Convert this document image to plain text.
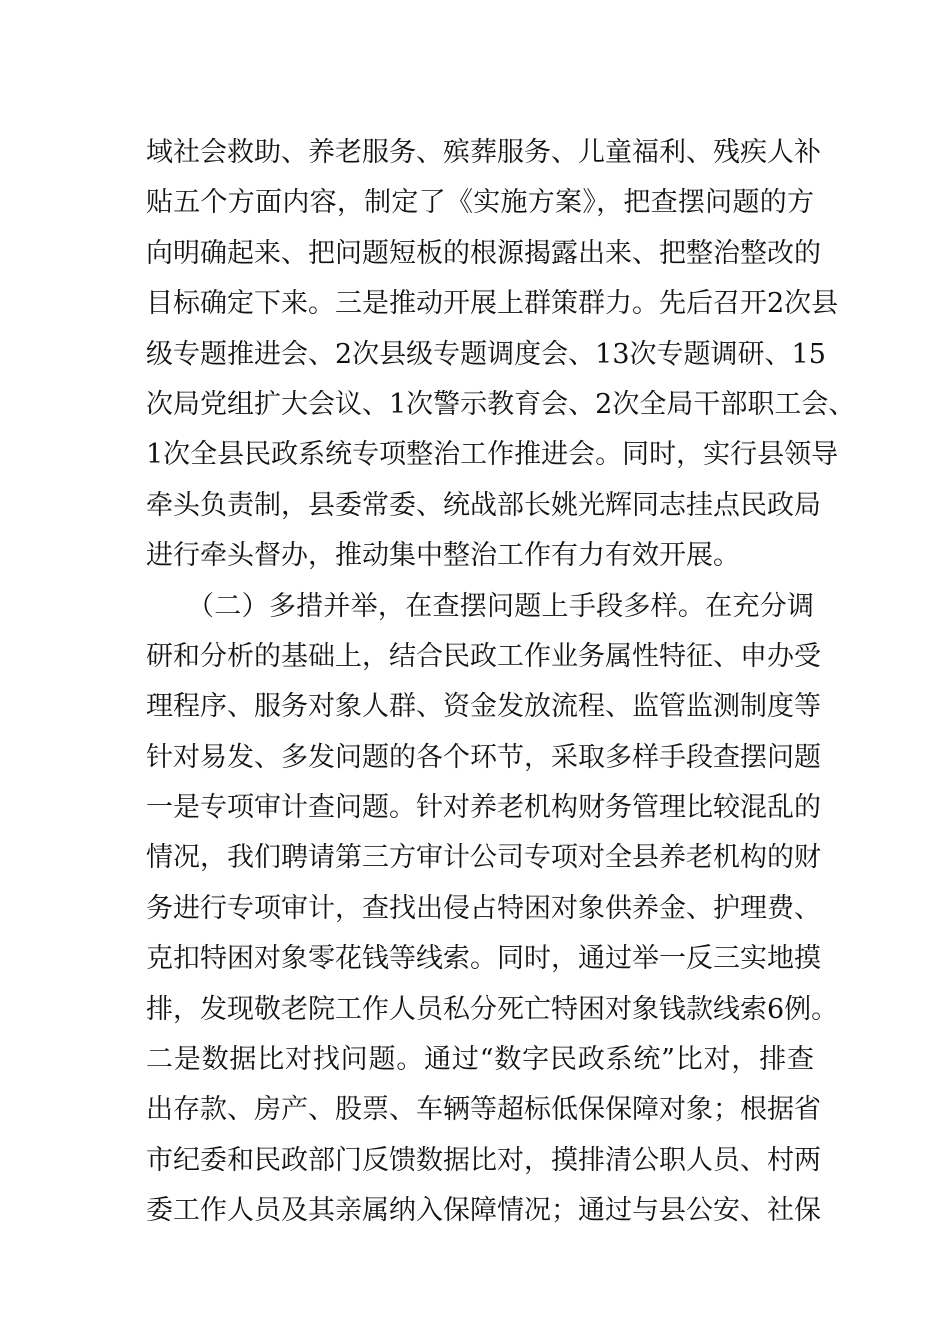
域社会救助、养老服务、殡葬服务、儿童福利、残疾人补
贴五个方面内容，制定了《实施方案》，把查摆问题的方
向明确起来、把问题短板的根源揭露出来、把整治整改的
目标确定下来。三是推动开展上群策群力。先后召开2次县
级专题推进会、2次县级专题调度会、13次专题调研、15
次局党组扩大会议、1次警示教育会、2次全局干部职工会、
1次全县民政系统专项整治工作推进会。同时，实行县领导
牵头负责制，县委常委、统战部长姚光辉同志挂点民政局
进行牵头督办，推动集中整治工作有力有效开展。
　　（二）多措并举，在查摆问题上手段多样。在充分调
研和分析的基础上，结合民政工作业务属性特征、申办受
理程序、服务对象人群、资金发放流程、监管监测制度等
针对易发、多发问题的各个环节，采取多样手段查摆问题
一是专项审计查问题。针对养老机构财务管理比较混乱的
情况，我们聘请第三方审计公司专项对全县养老机构的财
务进行专项审计，查找出侵占特困对象供养金、护理费、
克扣特困对象零花钱等线索。同时，通过举一反三实地摸
排，发现敬老院工作人员私分死亡特困对象钱款线索6例。
二是数据比对找问题。通过“数字民政系统”比对，排查
出存款、房产、股票、车辆等超标低保保障对象；根据省
市纪委和民政部门反馈数据比对，摸排清公职人员、村两
委工作人员及其亲属纳入保障情况；通过与县公安、社保
